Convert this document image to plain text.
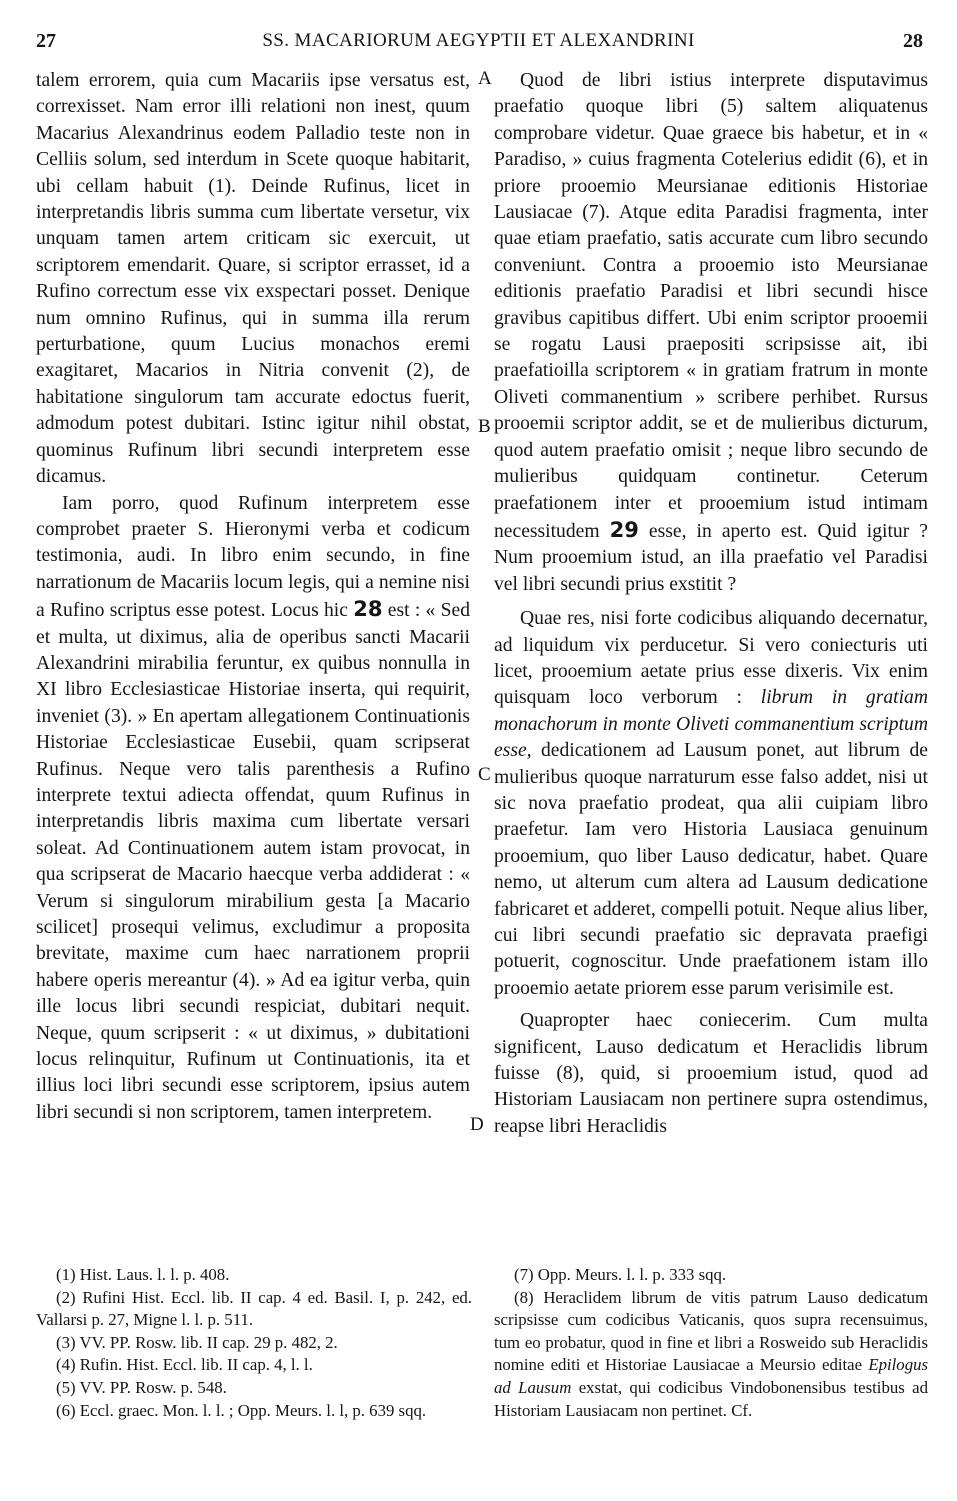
27	SS. MACARIORUM AEGYPTII ET ALEXANDRINI	28

talem errorem, quia cum Macariis ipse versatus est, correxisset. Nam error illi relationi non inest, quum Macarius Alexandrinus eodem Palladio teste non in Celliis solum, sed interdum in Scete quoque habitarit, ubi cellam habuit (1). Deinde Rufinus, licet in interpretandis libris summa cum libertate versetur, vix unquam tamen artem criticam sic exercuit, ut scriptorem emendarit. Quare, si scriptor errasset, id a Rufino correctum esse vix exspectari posset. Denique num omnino Rufinus, qui in summa illa rerum perturbatione, quum Lucius monachos eremi exagitaret, Macarios in Nitria convenit (2), de habitatione singulorum tam accurate edoctus fuerit, admodum potest dubitari. Istinc igitur nihil obstat, quominus Rufinum libri secundi interpretem esse dicamus.

Iam porro, quod Rufinum interpretem esse comprobet praeter S. Hieronymi verba et codicum testimonia, audi. In libro enim secundo, in fine narrationum de Macariis locum legis, qui a nemine nisi a Rufino scriptus esse potest. Locus hic 28 est : « Sed et multa, ut diximus, alia de operibus sancti Macarii Alexandrini mirabilia feruntur, ex quibus nonnulla in XI libro Ecclesiasticae Historiae inserta, qui requirit, inveniet (3). » En apertam allegationem Continuationis Historiae Ecclesiasticae Eusebii, quam scripserat Rufinus. Neque vero talis parenthesis a Rufino interprete textui adiecta offendat, quum Rufinus in interpretandis libris maxima cum libertate versari soleat. Ad Continuationem autem istam provocat, in qua scripserat de Macario haecque verba addiderat : « Verum si singulorum mirabilium gesta [a Macario scilicet] prosequi velimus, excludimur a proposita brevitate, maxime cum haec narrationem proprii habere operis mereantur (4). » Ad ea igitur verba, quin ille locus libri secundi respiciat, dubitari nequit. Neque, quum scripserit : « ut diximus, » dubitationi locus relinquitur, Rufinum ut Continuationis, ita et illius loci libri secundi esse scriptorem, ipsius autem libri secundi si non scriptorem, tamen interpretem.

A
B
C
D

Quod de libri istius interprete disputavimus praefatio quoque libri (5) saltem aliquatenus comprobare videtur. Quae graece bis habetur, et in « Paradiso, » cuius fragmenta Cotelerius edidit (6), et in priore prooemio Meursianae editionis Historiae Lausiacae (7). Atque edita Paradisi fragmenta, inter quae etiam praefatio, satis accurate cum libro secundo conveniunt. Contra a prooemio isto Meursianae editionis praefatio Paradisi et libri secundi hisce gravibus capitibus differt. Ubi enim scriptor prooemii se rogatu Lausi praepositi scripsisse ait, ibi praefatioilla scriptorem « in gratiam fratrum in monte Oliveti commanentium » scribere perhibet. Rursus prooemii scriptor addit, se et de mulieribus dicturum, quod autem praefatio omisit ; neque libro secundo de mulieribus quidquam continetur. Ceterum praefationem inter et prooemium istud intimam necessitudem 29 esse, in aperto est. Quid igitur ? Num prooemium istud, an illa praefatio vel Paradisi vel libri secundi prius exstitit ?

Quae res, nisi forte codicibus aliquando decernatur, ad liquidum vix perducetur. Si vero coniecturis uti licet, prooemium aetate prius esse dixeris. Vix enim quisquam loco verborum : librum in gratiam monachorum in monte Oliveti commanentium scriptum esse, dedicationem ad Lausum ponet, aut librum de mulieribus quoque narraturum esse falso addet, nisi ut sic nova praefatio prodeat, qua alii cuipiam libro praefetur. Iam vero Historia Lausiaca genuinum prooemium, quo liber Lauso dedicatur, habet. Quare nemo, ut alterum cum altera ad Lausum dedicatione fabricaret et adderet, compelli potuit. Neque alius liber, cui libri secundi praefatio sic depravata praefigi potuerit, cognoscitur. Unde praefationem istam illo prooemio aetate priorem esse parum verisimile est.

Quapropter haec coniecerim. Cum multa significent, Lauso dedicatum et Heraclidis librum fuisse (8), quid, si prooemium istud, quod ad Historiam Lausiacam non pertinere supra ostendimus, reapse libri Heraclidis

(1) Hist. Laus. l. l. p. 408.

(2) Rufini Hist. Eccl. lib. II cap. 4 ed. Basil. I, p. 242, ed. Vallarsi p. 27, Migne l. l. p. 511.

(3) VV. PP. Rosw. lib. II cap. 29 p. 482, 2.

(4) Rufin. Hist. Eccl. lib. II cap. 4, l. l.

(5) VV. PP. Rosw. p. 548.

(6) Eccl. graec. Mon. l. l. ; Opp. Meurs. l. l, p. 639 sqq.

(7) Opp. Meurs. l. l. p. 333 sqq.

(8) Heraclidem librum de vitis patrum Lauso dedicatum scripsisse cum codicibus Vaticanis, quos supra recensuimus, tum eo probatur, quod in fine et libri a Rosweido sub Heraclidis nomine editi et Historiae Lausiacae a Meursio editae Epilogus ad Lausum exstat, qui codicibus Vindobonensibus testibus ad Historiam Lausiacam non pertinet. Cf.
